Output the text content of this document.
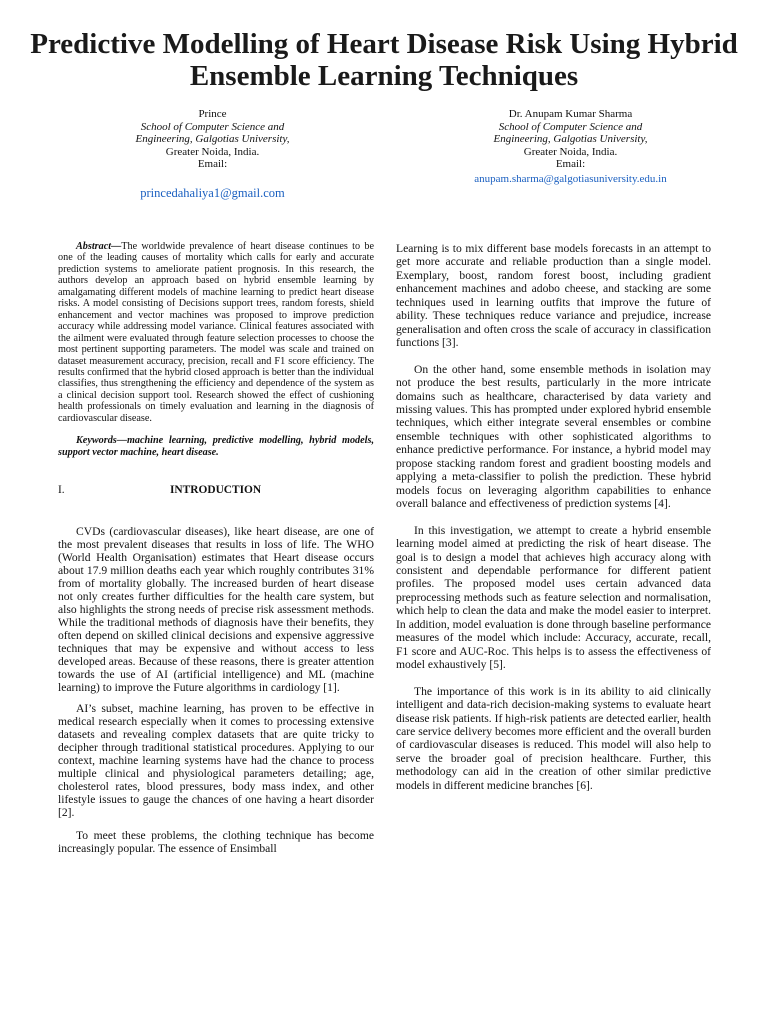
Predictive Modelling of Heart Disease Risk Using Hybrid Ensemble Learning Techniques
Prince
School of Computer Science and
Engineering, Galgotias University,
Greater Noida, India.
Email:
princedahaliya1@gmail.com
Dr. Anupam Kumar Sharma
School of Computer Science and
Engineering, Galgotias University,
Greater Noida, India.
Email:
anupam.sharma@galgotiasuniversity.edu.in

Abstract—The worldwide prevalence of heart disease continues to be one of the leading causes of mortality which calls for early and accurate prediction systems to ameliorate patient prognosis. In this research, the authors develop an approach based on hybrid ensemble learning by amalgamating different models of machine learning to predict heart disease risks. A model consisting of Decisions support trees, random forests, shield enhancement and vector machines was proposed to improve prediction accuracy while addressing model variance. Clinical features associated with the ailment were evaluated through feature selection processes to choose the most pertinent supporting parameters. The model was scale and trained on dataset measurement accuracy, precision, recall and F1 score efficiency. The results confirmed that the hybrid closed approach is better than the individual classifies, thus strengthening the efficiency and dependence of the system as a clinical decision support tool. Research showed the effect of cushioning health professionals on timely evaluation and learning in the diagnosis of cardiovascular disease.

Keywords—machine learning, predictive modelling, hybrid models, support vector machine, heart disease.

I.	INTRODUCTION

CVDs (cardiovascular diseases), like heart disease, are one of the most prevalent diseases that results in loss of life. The WHO (World Health Organisation) estimates that Heart disease occurs about 17.9 million deaths each year which roughly contributes 31% from of mortality globally. The increased burden of heart disease not only creates further difficulties for the health care system, but also highlights the strong needs of precise risk assessment methods. While the traditional methods of diagnosis have their benefits, they often depend on skilled clinical decisions and expensive aggressive techniques that may be expensive and without access to less developed areas. Because of these reasons, there is greater attention towards the use of AI (artificial intelligence) and ML (machine learning) to improve the Future algorithms in cardiology [1].

AI’s subset, machine learning, has proven to be effective in medical research especially when it comes to processing extensive datasets and revealing complex datasets that are quite tricky to decipher through traditional statistical procedures. Applying to our context, machine learning systems have had the chance to process multiple clinical and physiological parameters detailing; age, cholesterol rates, blood pressures, body mass index, and other lifestyle issues to gauge the chances of one having a heart disorder [2].

To meet these problems, the clothing technique has become increasingly popular. The essence of Ensimball

Learning is to mix different base models forecasts in an attempt to get more accurate and reliable production than a single model. Exemplary, boost, random forest boost, including gradient enhancement machines and adobo cheese, and stacking are some techniques used in learning outfits that improve the future of ability. These techniques reduce variance and prejudice, increase generalisation and often cross the scale of accuracy in classification functions [3].

On the other hand, some ensemble methods in isolation may not produce the best results, particularly in the more intricate domains such as healthcare, characterised by data variety and missing values. This has prompted under explored hybrid ensemble techniques, which either integrate several ensembles or combine ensemble techniques with other sophisticated algorithms to enhance predictive performance. For instance, a hybrid model may propose stacking random forest and gradient boosting models and applying a meta-classifier to polish the prediction. These hybrid models focus on leveraging algorithm capabilities to enhance overall balance and effectiveness of prediction systems [4].

In this investigation, we attempt to create a hybrid ensemble learning model aimed at predicting the risk of heart disease. The goal is to design a model that achieves high accuracy along with consistent and dependable performance for different patient profiles. The proposed model uses certain advanced data preprocessing methods such as feature selection and normalisation, which help to clean the data and make the model easier to interpret. In addition, model evaluation is done through baseline performance measures of the model which include: Accuracy, accurate, recall, F1 score and AUC-Roc. This helps is to assess the effectiveness of model exhaustively [5].

The importance of this work is in its ability to aid clinically intelligent and data-rich decision-making systems to evaluate heart disease risk patients. If high-risk patients are detected earlier, health care service delivery becomes more efficient and the overall burden of cardiovascular diseases is reduced. This model will also help to serve the broader goal of precision healthcare. Further, this methodology can aid in the creation of other similar predictive models in different medicine branches [6].
